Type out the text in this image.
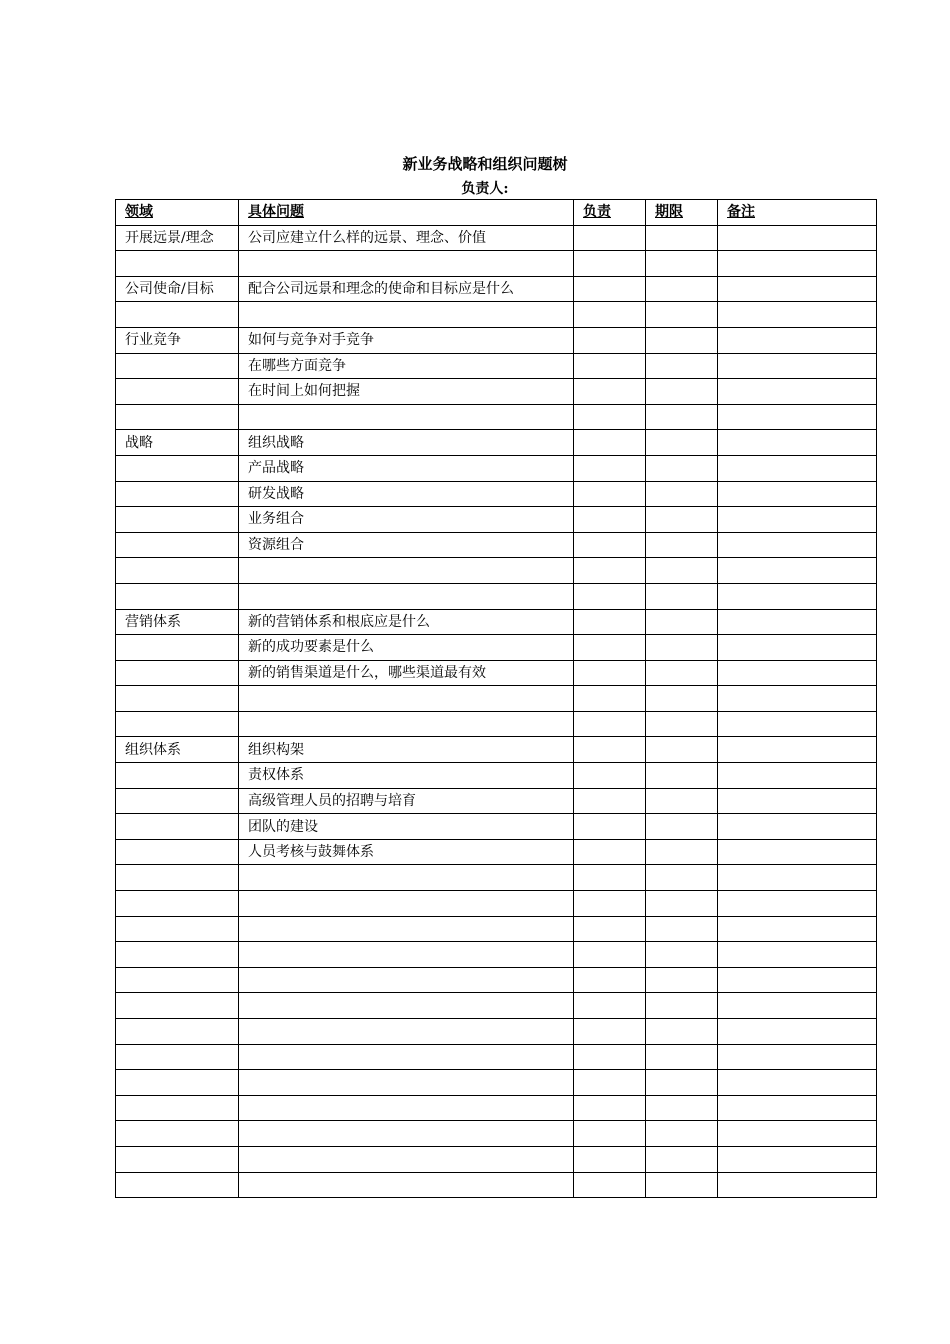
新业务战略和组织问题树
负责人:
领域	具体问题	负责	期限	备注
开展远景/理念	公司应建立什么样的远景、理念、价值			

公司使命/目标	配合公司远景和理念的使命和目标应是什么			

行业竞争	如何与竞争对手竞争			
	在哪些方面竞争			
	在时间上如何把握			

战略	组织战略			
	产品战略			
	研发战略			
	业务组合			
	资源组合			

营销体系	新的营销体系和根底应是什么			
	新的成功要素是什么			
	新的销售渠道是什么，哪些渠道最有效			

组织体系	组织构架			
	责权体系			
	高级管理人员的招聘与培育			
	团队的建设			
	人员考核与鼓舞体系			
